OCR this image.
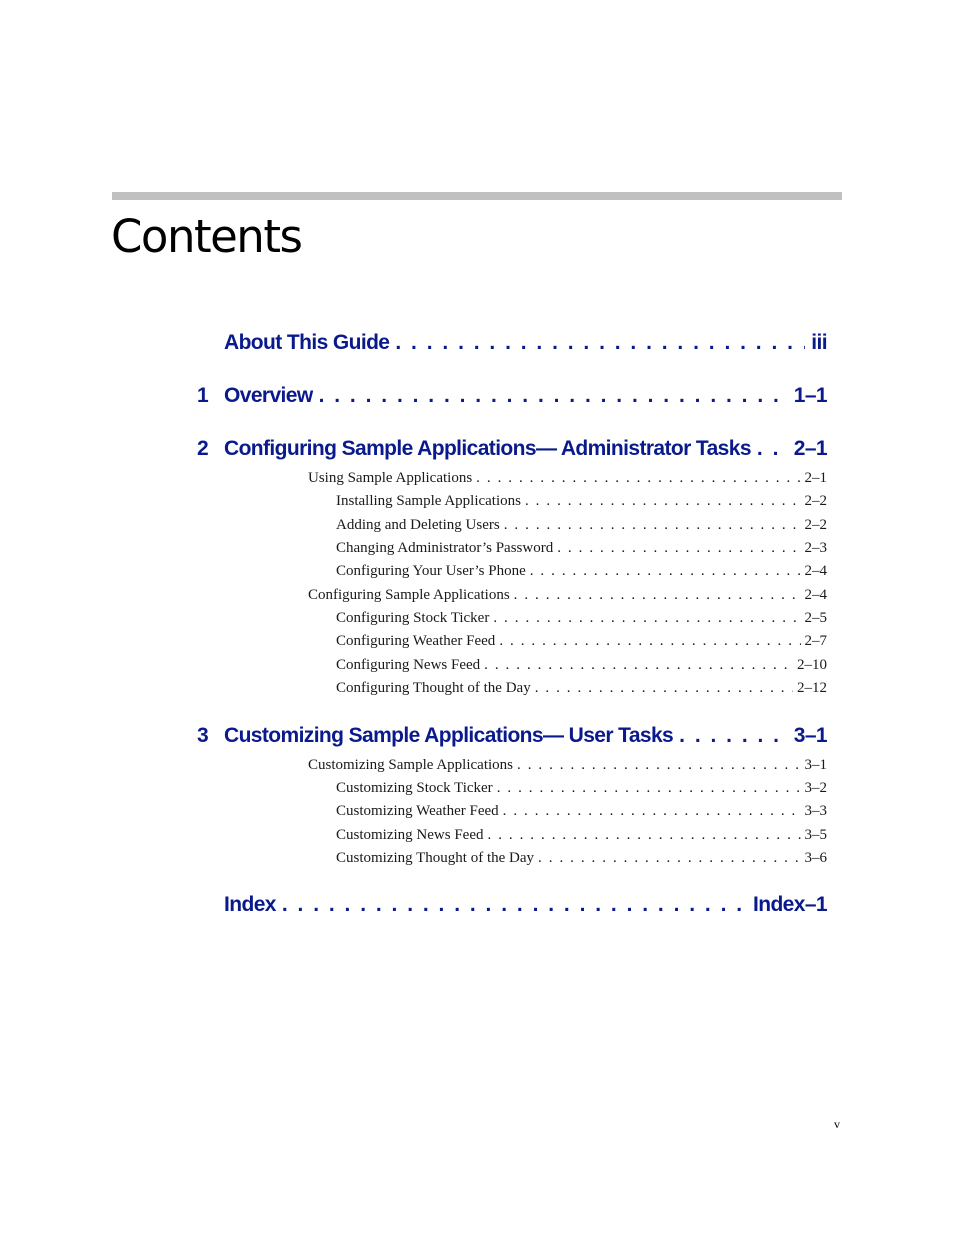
Contents
About This Guide . . .	iii
1 Overview . . .	1–1
2 Configuring Sample Applications— Administrator Tasks . . . 2–1
Using Sample Applications . . .	2–1
Installing Sample Applications . . .	2–2
Adding and Deleting Users . . .	2–2
Changing Administrator’s Password . . .	2–3
Configuring Your User’s Phone . . .	2–4
Configuring Sample Applications . . .	2–4
Configuring Stock Ticker . . .	2–5
Configuring Weather Feed . . .	2–7
Configuring News Feed . . .	2–10
Configuring Thought of the Day . . .	2–12
3 Customizing Sample Applications— User Tasks . . .	3–1
Customizing Sample Applications . . .	3–1
Customizing Stock Ticker . . .	3–2
Customizing Weather Feed . . .	3–3
Customizing News Feed . . .	3–5
Customizing Thought of the Day . . .	3–6
Index . . .	Index–1
v
